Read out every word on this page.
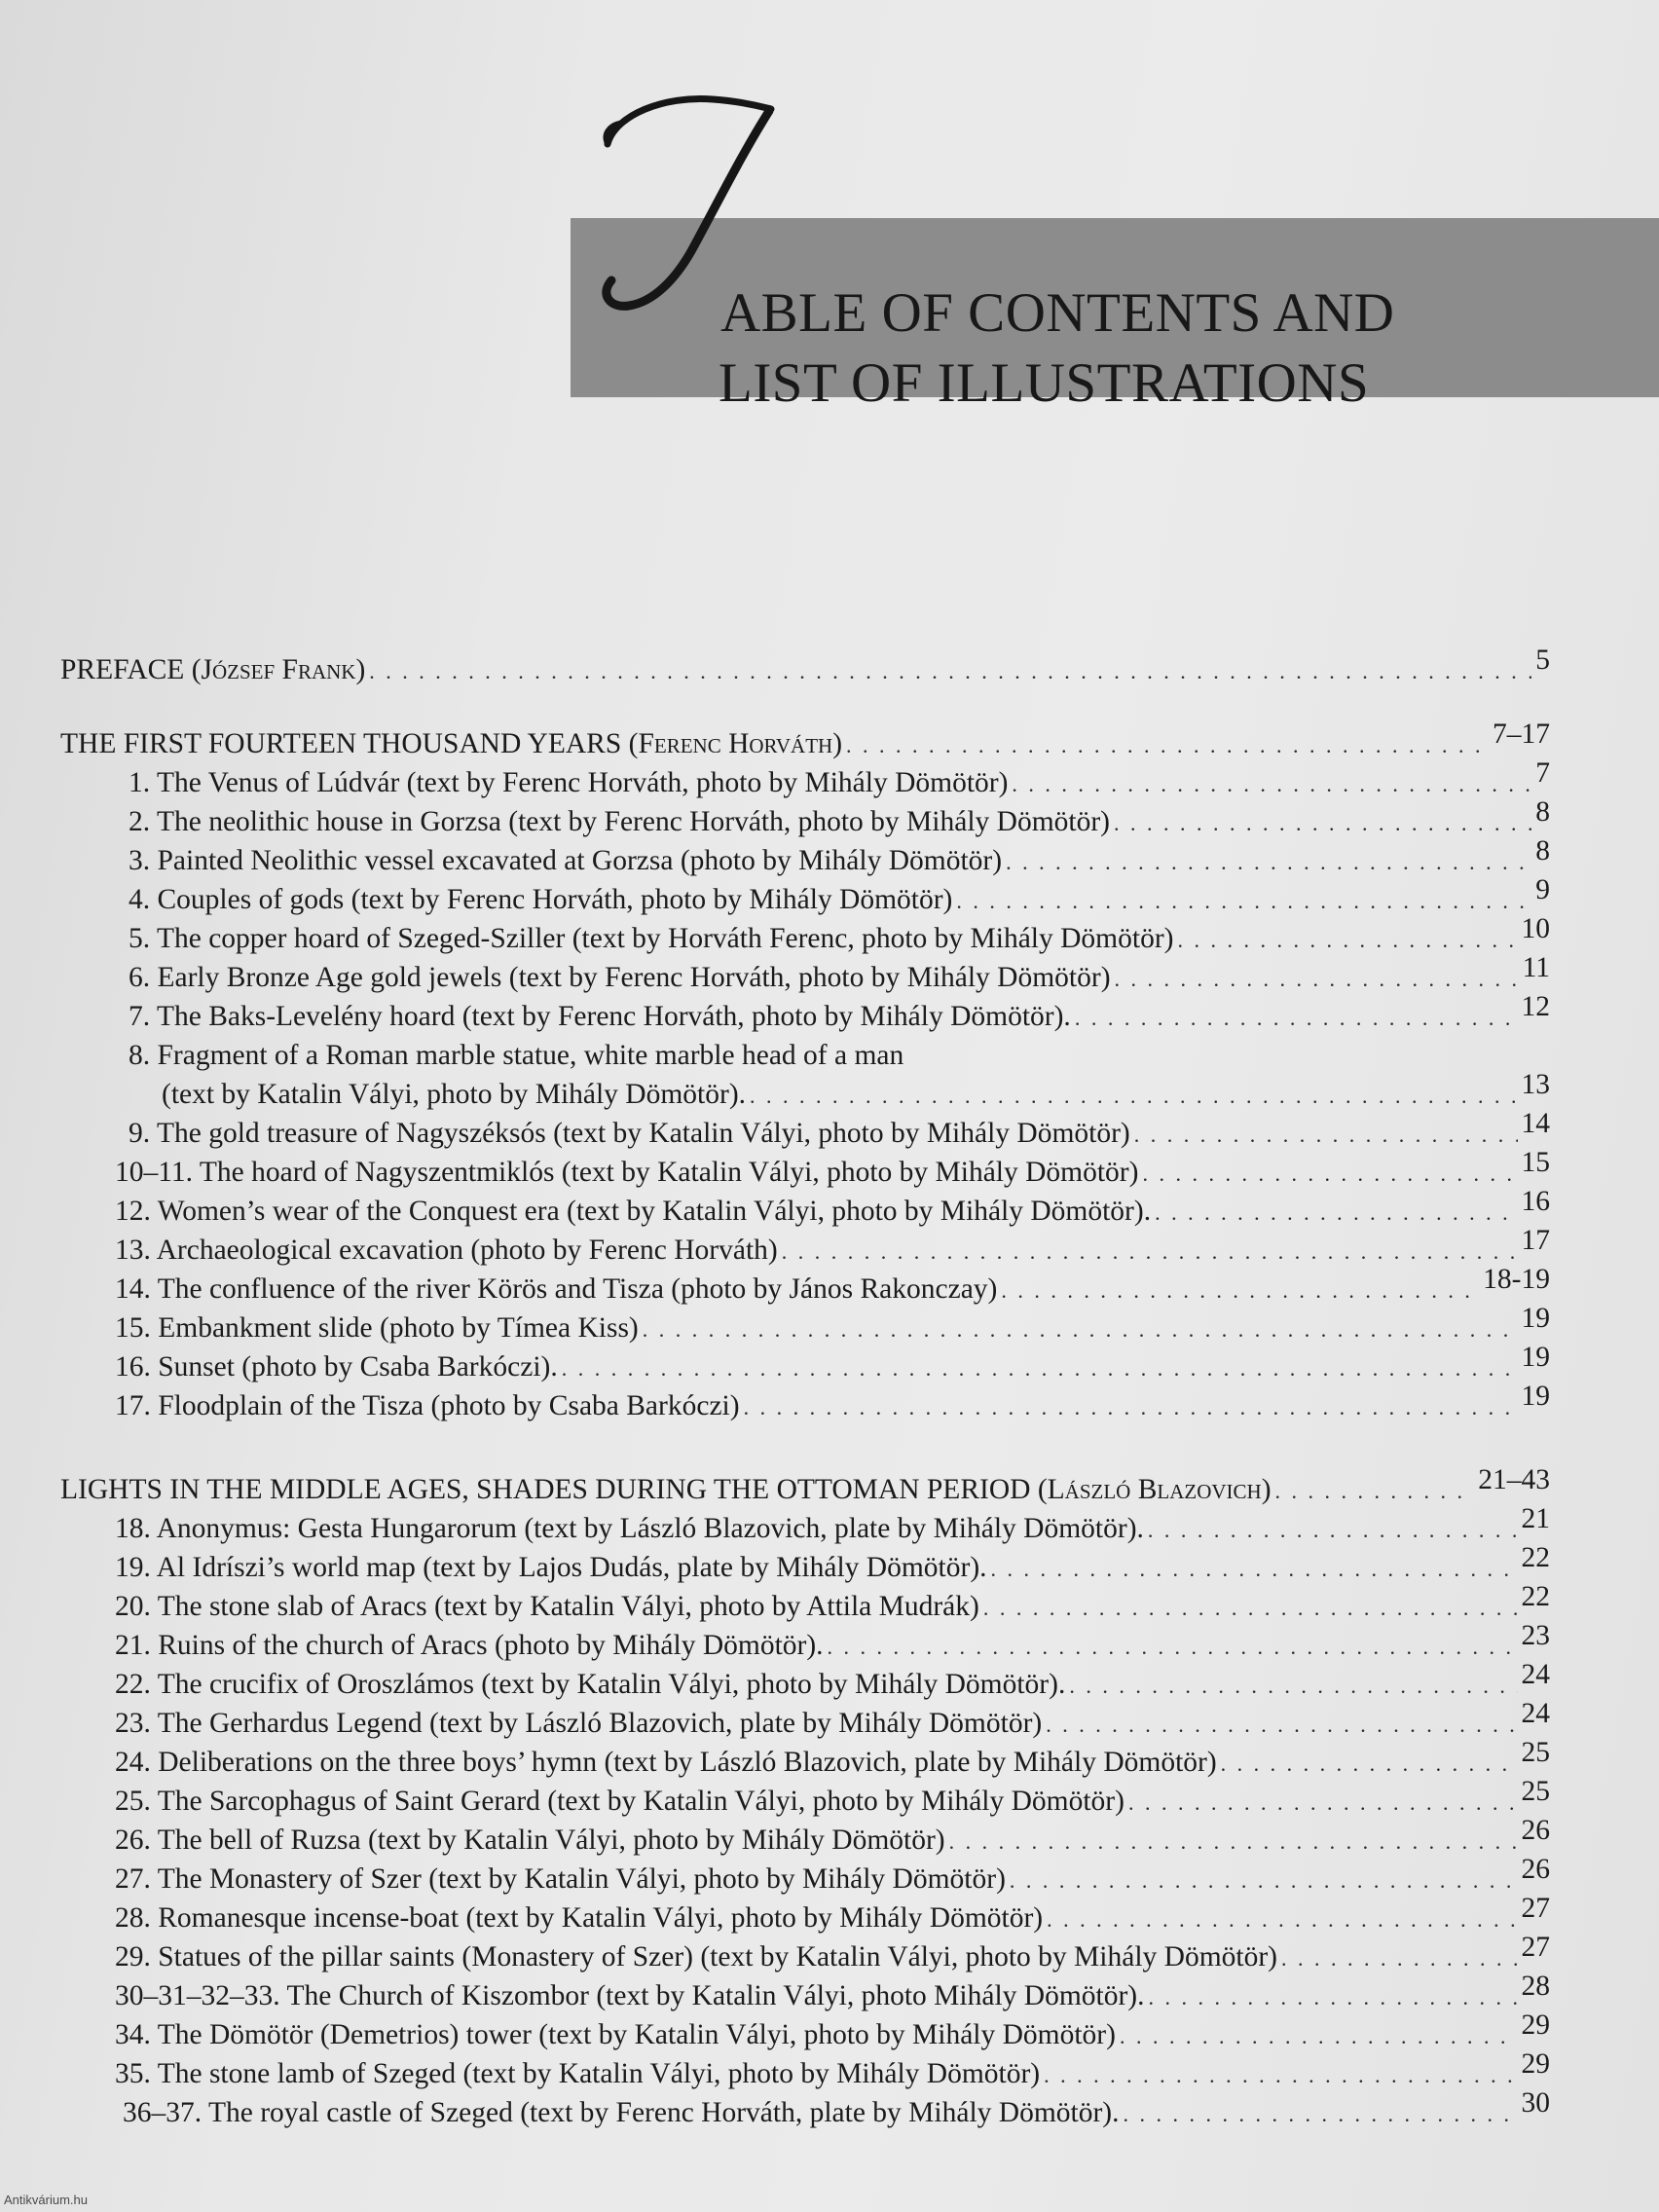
ABLE OF CONTENTS AND
LIST OF ILLUSTRATIONS
PREFACE (József Frank) . . .	5
THE FIRST FOURTEEN THOUSAND YEARS (Ferenc Horváth) . . .	7–17
1. The Venus of Lúdvár (text by Ferenc Horváth, photo by Mihály Dömötör) . . .	7
2. The neolithic house in Gorzsa (text by Ferenc Horváth, photo by Mihály Dömötör) . . .	8
3. Painted Neolithic vessel excavated at Gorzsa (photo by Mihály Dömötör) . . .	8
4. Couples of gods (text by Ferenc Horváth, photo by Mihály Dömötör) . . .	9
5. The copper hoard of Szeged-Sziller (text by Horváth Ferenc, photo by Mihály Dömötör) . . .	10
6. Early Bronze Age gold jewels (text by Ferenc Horváth, photo by Mihály Dömötör) . . .	11
7. The Baks-Levelény hoard (text by Ferenc Horváth, photo by Mihály Dömötör). . . .	12
8. Fragment of a Roman marble statue, white marble head of a man
(text by Katalin Vályi, photo by Mihály Dömötör). . . .	13
9. The gold treasure of Nagyszéksós (text by Katalin Vályi, photo by Mihály Dömötör) . . .	14
10–11. The hoard of Nagyszentmiklós (text by Katalin Vályi, photo by Mihály Dömötör) . . .	15
12. Women’s wear of the Conquest era (text by Katalin Vályi, photo by Mihály Dömötör). . . .	16
13. Archaeological excavation (photo by Ferenc Horváth) . . .	17
14. The confluence of the river Körös and Tisza (photo by János Rakonczay) . . .	18-19
15. Embankment slide (photo by Tímea Kiss) . . .	19
16. Sunset (photo by Csaba Barkóczi). . . .	19
17. Floodplain of the Tisza (photo by Csaba Barkóczi) . . .	19
LIGHTS IN THE MIDDLE AGES, SHADES DURING THE OTTOMAN PERIOD (László Blazovich) . . .	21–43
18. Anonymus: Gesta Hungarorum (text by László Blazovich, plate by Mihály Dömötör). . . .	21
19. Al Idríszi’s world map (text by Lajos Dudás, plate by Mihály Dömötör). . . .	22
20. The stone slab of Aracs (text by Katalin Vályi, photo by Attila Mudrák) . . .	22
21. Ruins of the church of Aracs (photo by Mihály Dömötör). . . .	23
22. The crucifix of Oroszlámos (text by Katalin Vályi, photo by Mihály Dömötör). . . .	24
23. The Gerhardus Legend (text by László Blazovich, plate by Mihály Dömötör) . . .	24
24. Deliberations on the three boys’ hymn (text by László Blazovich, plate by Mihály Dömötör) . . .	25
25. The Sarcophagus of Saint Gerard (text by Katalin Vályi, photo by Mihály Dömötör) . . .	25
26. The bell of Ruzsa (text by Katalin Vályi, photo by Mihály Dömötör) . . .	26
27. The Monastery of Szer (text by Katalin Vályi, photo by Mihály Dömötör) . . .	26
28. Romanesque incense-boat (text by Katalin Vályi, photo by Mihály Dömötör) . . .	27
29. Statues of the pillar saints (Monastery of Szer) (text by Katalin Vályi, photo by Mihály Dömötör) . . .	27
30–31–32–33. The Church of Kiszombor (text by Katalin Vályi, photo Mihály Dömötör). . . .	28
34. The Dömötör (Demetrios) tower (text by Katalin Vályi, photo by Mihály Dömötör) . . .	29
35. The stone lamb of Szeged (text by Katalin Vályi, photo by Mihály Dömötör) . . .	29
36–37. The royal castle of Szeged (text by Ferenc Horváth, plate by Mihály Dömötör). . . .	30
Antikvárium.hu
